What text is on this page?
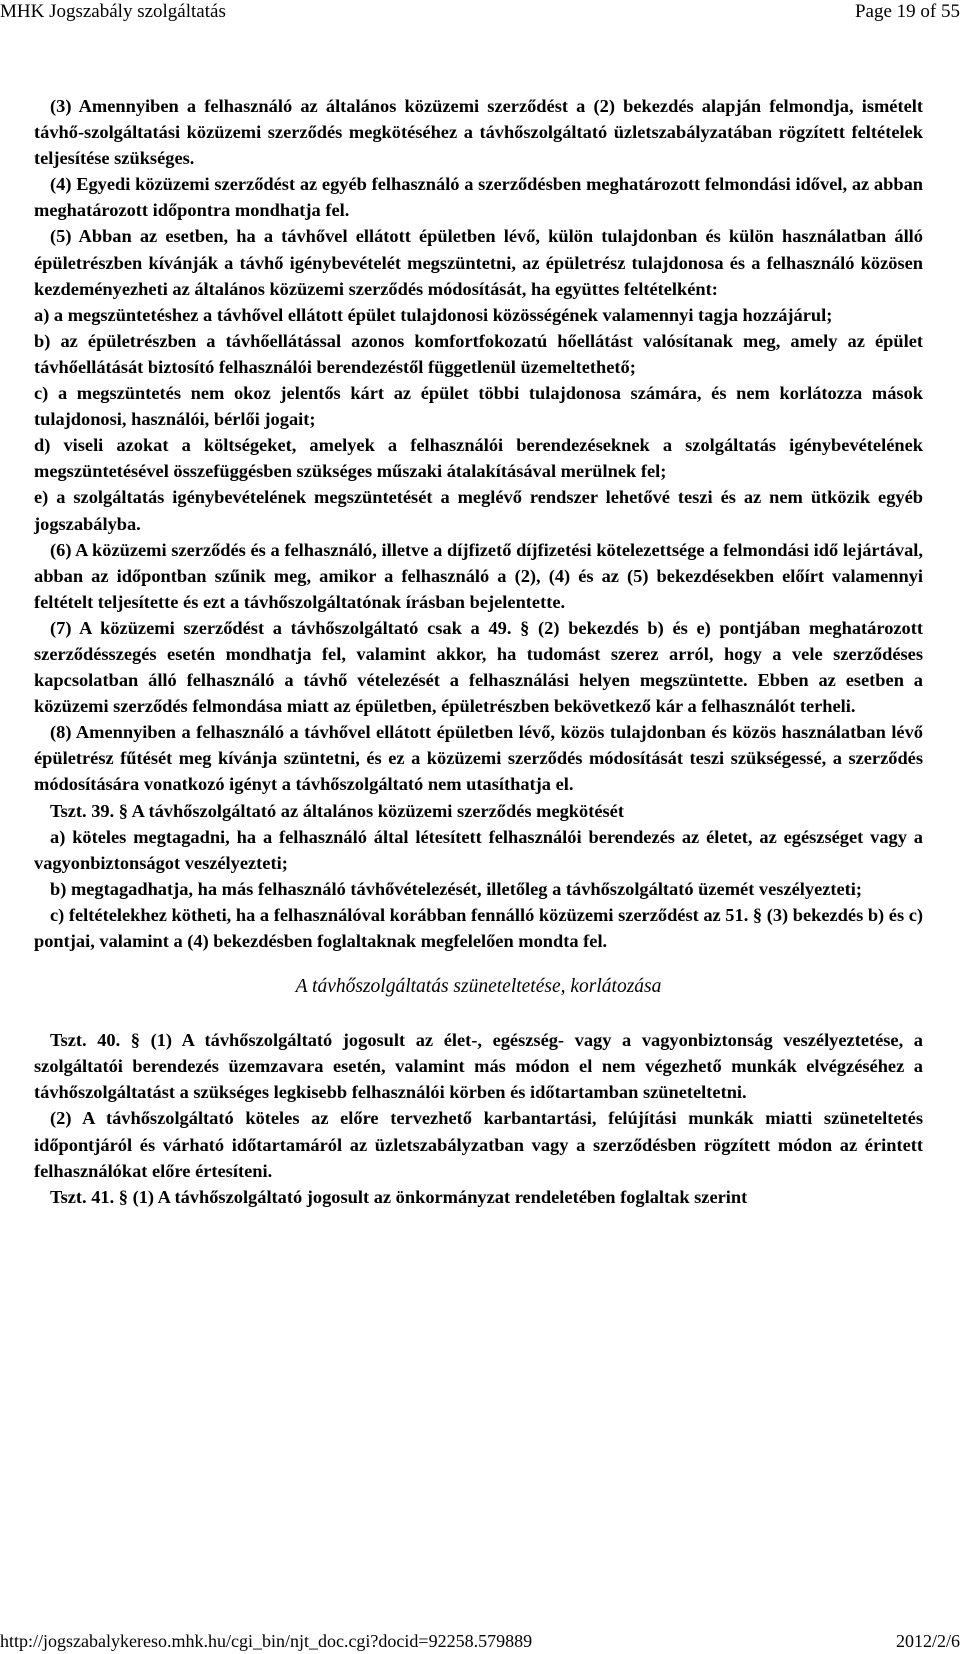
MHK Jogszabály szolgáltatás	Page 19 of 55

(3) Amennyiben a felhasználó az általános közüzemi szerződést a (2) bekezdés alapján felmondja, ismételt távhő-szolgáltatási közüzemi szerződés megkötéséhez a távhőszolgáltató üzletszabályzatában rögzített feltételek teljesítése szükséges.

(4) Egyedi közüzemi szerződést az egyéb felhasználó a szerződésben meghatározott felmondási idővel, az abban meghatározott időpontra mondhatja fel.

(5) Abban az esetben, ha a távhővel ellátott épületben lévő, külön tulajdonban és külön használatban álló épületrészben kívánják a távhő igénybevételét megszüntetni, az épületrész tulajdonosa és a felhasználó közösen kezdeményezheti az általános közüzemi szerződés módosítását, ha együttes feltételként:

a) a megszüntetéshez a távhővel ellátott épület tulajdonosi közösségének valamennyi tagja hozzájárul;

b) az épületrészben a távhőellátással azonos komfortfokozatú hőellátást valósítanak meg, amely az épület távhőellátását biztosító felhasználói berendezéstől függetlenül üzemeltethető;

c) a megszüntetés nem okoz jelentős kárt az épület többi tulajdonosa számára, és nem korlátozza mások tulajdonosi, használói, bérlői jogait;

d) viseli azokat a költségeket, amelyek a felhasználói berendezéseknek a szolgáltatás igénybevételének megszüntetésével összefüggésben szükséges műszaki átalakításával merülnek fel;

e) a szolgáltatás igénybevételének megszüntetését a meglévő rendszer lehetővé teszi és az nem ütközik egyéb jogszabályba.

(6) A közüzemi szerződés és a felhasználó, illetve a díjfizető díjfizetési kötelezettsége a felmondási idő lejártával, abban az időpontban szűnik meg, amikor a felhasználó a (2), (4) és az (5) bekezdésekben előírt valamennyi feltételt teljesítette és ezt a távhőszolgáltatónak írásban bejelentette.

(7) A közüzemi szerződést a távhőszolgáltató csak a 49. § (2) bekezdés b) és e) pontjában meghatározott szerződésszegés esetén mondhatja fel, valamint akkor, ha tudomást szerez arról, hogy a vele szerződéses kapcsolatban álló felhasználó a távhő vételezését a felhasználási helyen megszüntette. Ebben az esetben a közüzemi szerződés felmondása miatt az épületben, épületrészben bekövetkező kár a felhasználót terheli.

(8) Amennyiben a felhasználó a távhővel ellátott épületben lévő, közös tulajdonban és közös használatban lévő épületrész fűtését meg kívánja szüntetni, és ez a közüzemi szerződés módosítását teszi szükségessé, a szerződés módosítására vonatkozó igényt a távhőszolgáltató nem utasíthatja el.

Tszt. 39. § A távhőszolgáltató az általános közüzemi szerződés megkötését

a) köteles megtagadni, ha a felhasználó által létesített felhasználói berendezés az életet, az egészséget vagy a vagyonbiztonságot veszélyezteti;

b) megtagadhatja, ha más felhasználó távhővételezését, illetőleg a távhőszolgáltató üzemét veszélyezteti;

c) feltételekhez kötheti, ha a felhasználóval korábban fennálló közüzemi szerződést az 51. § (3) bekezdés b) és c) pontjai, valamint a (4) bekezdésben foglaltaknak megfelelően mondta fel.

A távhőszolgáltatás szüneteltetése, korlátozása

Tszt. 40. § (1) A távhőszolgáltató jogosult az élet-, egészség- vagy a vagyonbiztonság veszélyeztetése, a szolgáltatói berendezés üzemzavara esetén, valamint más módon el nem végezhető munkák elvégzéséhez a távhőszolgáltatást a szükséges legkisebb felhasználói körben és időtartamban szüneteltetni.

(2) A távhőszolgáltató köteles az előre tervezhető karbantartási, felújítási munkák miatti szüneteltetés időpontjáról és várható időtartamáról az üzletszabályzatban vagy a szerződésben rögzített módon az érintett felhasználókat előre értesíteni.

Tszt. 41. § (1) A távhőszolgáltató jogosult az önkormányzat rendeletében foglaltak szerint

http://jogszabalykereso.mhk.hu/cgi_bin/njt_doc.cgi?docid=92258.579889	2012/2/6
